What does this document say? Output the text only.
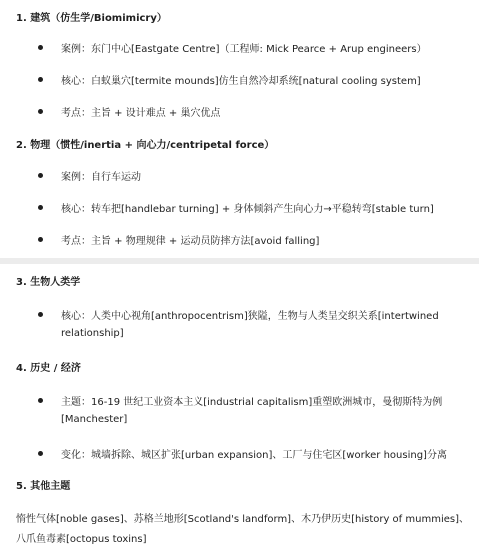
1. 建筑（仿生学/Biomimicry）
案例：东门中心[Eastgate Centre]（工程师: Mick Pearce + Arup engineers）
核心：白蚁巢穴[termite mounds]仿生自然冷却系统[natural cooling system]
考点：主旨 + 设计难点 + 巢穴优点
2. 物理（惯性/inertia + 向心力/centripetal force）
案例：自行车运动
核心：转车把[handlebar turning] + 身体倾斜产生向心力→平稳转弯[stable turn]
考点：主旨 + 物理规律 + 运动员防摔方法[avoid falling]
3. 生物人类学
核心：人类中心视角[anthropocentrism]狭隘，生物与人类呈交织关系[intertwined
relationship]
4. 历史 / 经济
主题：16-19 世纪工业资本主义[industrial capitalism]重塑欧洲城市，曼彻斯特为例
[Manchester]
变化：城墙拆除、城区扩张[urban expansion]、工厂与住宅区[worker housing]分离
5. 其他主题
惰性气体[noble gases]、苏格兰地形[Scotland's landform]、木乃伊历史[history of mummies]、
八爪鱼毒素[octopus toxins]
